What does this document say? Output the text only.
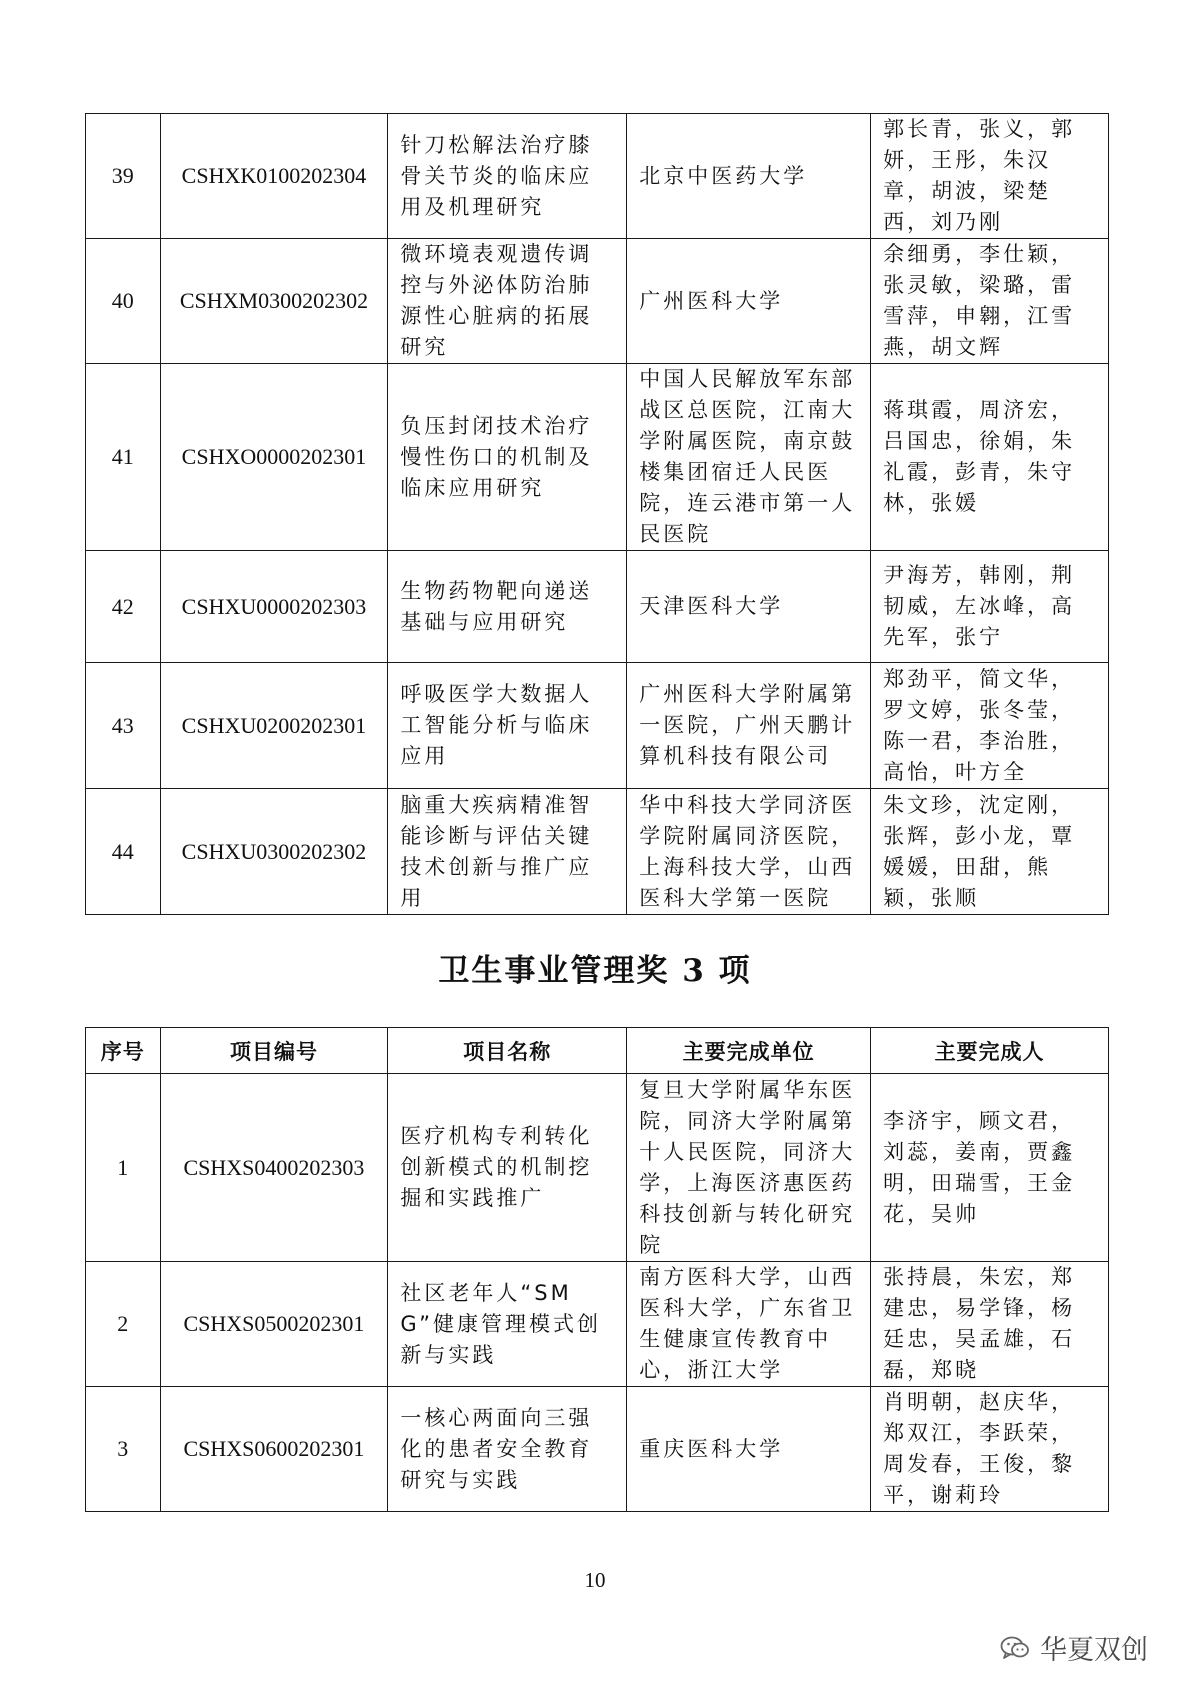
39	CSHXK0100202304	针刀松解法治疗膝骨关节炎的临床应用及机理研究	北京中医药大学	郭长青，张义，郭妍，王彤，朱汉章，胡波，梁楚西，刘乃刚
40	CSHXM0300202302	微环境表观遗传调控与外泌体防治肺源性心脏病的拓展研究	广州医科大学	余细勇，李仕颖，张灵敏，梁璐，雷雪萍，申翱，江雪燕，胡文辉
41	CSHXO0000202301	负压封闭技术治疗慢性伤口的机制及临床应用研究	中国人民解放军东部战区总医院，江南大学附属医院，南京鼓楼集团宿迁人民医院，连云港市第一人民医院	蒋琪霞，周济宏，吕国忠，徐娟，朱礼霞，彭青，朱守林，张媛
42	CSHXU0000202303	生物药物靶向递送基础与应用研究	天津医科大学	尹海芳，韩刚，荆韧威，左冰峰，高先军，张宁
43	CSHXU0200202301	呼吸医学大数据人工智能分析与临床应用	广州医科大学附属第一医院，广州天鹏计算机科技有限公司	郑劲平，简文华，罗文婷，张冬莹，陈一君，李治胜，高怡，叶方全
44	CSHXU0300202302	脑重大疾病精准智能诊断与评估关键技术创新与推广应用	华中科技大学同济医学院附属同济医院，上海科技大学，山西医科大学第一医院	朱文珍，沈定刚，张辉，彭小龙，覃媛媛，田甜，熊颖，张顺
卫生事业管理奖 3 项
序号	项目编号	项目名称	主要完成单位	主要完成人
1	CSHXS0400202303	医疗机构专利转化创新模式的机制挖掘和实践推广	复旦大学附属华东医院，同济大学附属第十人民医院，同济大学，上海医济惠医药科技创新与转化研究院	李济宇，顾文君，刘蕊，姜南，贾鑫明，田瑞雪，王金花，吴帅
2	CSHXS0500202301	社区老年人“SMG”健康管理模式创新与实践	南方医科大学，山西医科大学，广东省卫生健康宣传教育中心，浙江大学	张持晨，朱宏，郑建忠，易学锋，杨廷忠，吴孟雄，石磊，郑晓
3	CSHXS0600202301	一核心两面向三强化的患者安全教育研究与实践	重庆医科大学	肖明朝，赵庆华，郑双江，李跃荣，周发春，王俊，黎平，谢莉玲
10
华夏双创
